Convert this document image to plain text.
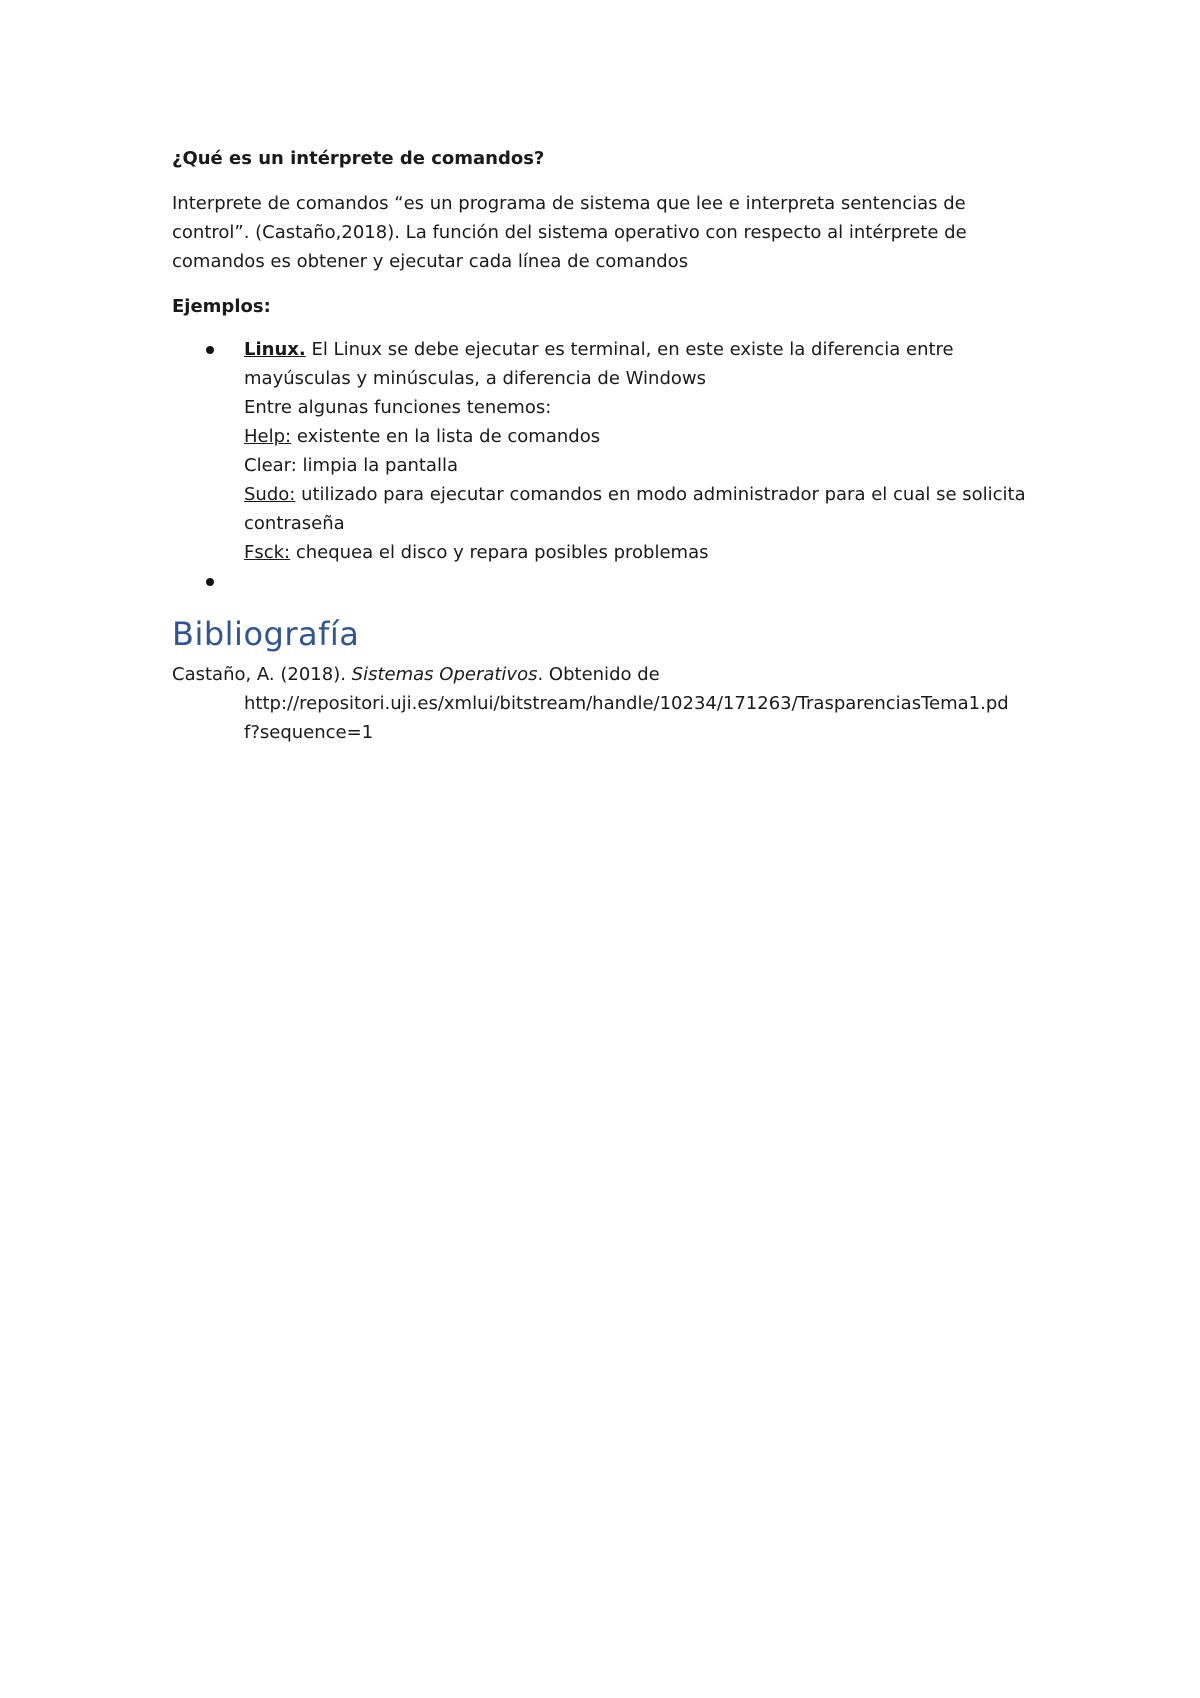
¿Qué es un intérprete de comandos?

Interprete de comandos “es un programa de sistema que lee e interpreta sentencias de
control”. (Castaño,2018). La función del sistema operativo con respecto al intérprete de
comandos es obtener y ejecutar cada línea de comandos

Ejemplos:

Linux. El Linux se debe ejecutar es terminal, en este existe la diferencia entre
mayúsculas y minúsculas, a diferencia de Windows
Entre algunas funciones tenemos:
Help: existente en la lista de comandos
Clear: limpia la pantalla
Sudo: utilizado para ejecutar comandos en modo administrador para el cual se solicita
contraseña
Fsck: chequea el disco y repara posibles problemas
Bibliografía

Castaño, A. (2018). Sistemas Operativos. Obtenido de
http://repositori.uji.es/xmlui/bitstream/handle/10234/171263/TrasparenciasTema1.pd
f?sequence=1
